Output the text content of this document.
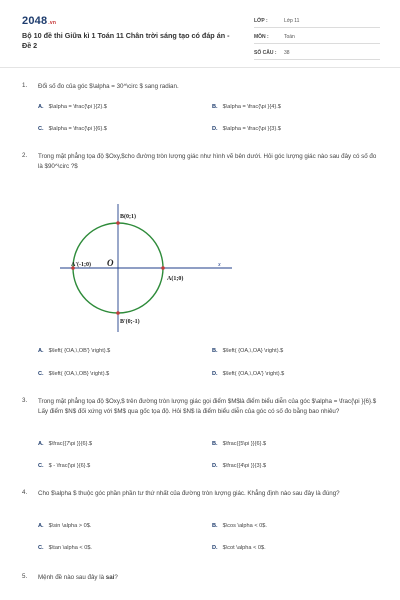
2048.vn
Bộ 10 đề thi Giữa kì 1 Toán 11 Chân trời sáng tạo có đáp án - Đề 2
LỚP :	Lớp 11
MÔN :	Toán
SỐ CÂU : 38
1. Đổi số đo của góc $\alpha = 30^\circ $ sang radian.
A. $\alpha = \frac{\pi }{2}.$	B. $\alpha = \frac{\pi }{4}.$
C. $\alpha = \frac{\pi }{6}.$	D. $\alpha = \frac{\pi }{3}.$
2. Trong mặt phẳng tọa độ $Oxy,$cho đường tròn lượng giác như hình vẽ bên dưới. Hỏi góc lượng giác nào sau đây có số đo là $90^\circ ?$
B(0;1)
A'(-1;0) O
A(1;0)
B'(0;-1)
x
A. $\left( {OA,\,OB'} \right).$	B. $\left( {OA,\,OA} \right).$
C. $\left( {OA,\,OB} \right).$	D. $\left( {OA,\,OA'} \right).$
3. Trong mặt phẳng tọa độ $Oxy,$ trên đường tròn lượng giác gọi điểm $M$là điểm biểu diễn của góc $\alpha = \frac{\pi }{6}.$ Lấy điểm $N$ đối xứng với $M$ qua gốc tọa độ. Hỏi $N$ là điểm biểu diễn của góc có số đo bằng bao nhiêu?
A. $\frac{{7\pi }}{6}.$	B. $\frac{{5\pi }}{6}.$
C. $ - \frac{\pi }{6}.$	D. $\frac{{4\pi }}{3}.$
4. Cho $\alpha $ thuộc góc phần phần tư thứ nhất của đường tròn lượng giác. Khẳng định nào sau đây là đúng?
A. $\sin \alpha > 0$.	B. $\cos \alpha < 0$.
C. $\tan \alpha < 0$.	D. $\cot \alpha < 0$.
5. Mệnh đề nào sau đây là sai?
